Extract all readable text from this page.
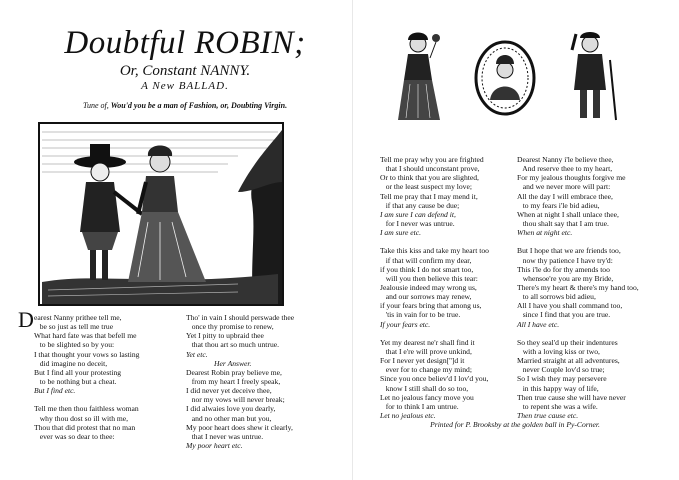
Doubtful ROBIN;
Or, Constant NANNY.
A New BALLAD.
Tune of, Wou'd you be a man of Fashion, or, Doubting Virgin.
D earest Nanny prithee tell me,
be so just as tell me true
What hard fate was that befell me
to be slighted so by you:
I that thought your vows so lasting
did imagine no deceit,
But I find all your protesting
to be nothing but a cheat.
But I find etc.
Tell me then thou faithless woman
why thou dost so ill with me,
Thou that did protest that no man
ever was so dear to thee:
Tho' in vain I should perswade thee
once thy promise to renew,
Yet I pitty to upbraid thee
that thou art so much untrue.
Yet etc.
Her Answer.
Dearest Robin pray believe me,
from my heart I freely speak,
I did never yet deceive thee,
nor my vows will never break;
I did alwaies love you dearly,
and no other man but you,
My poor heart does shew it clearly,
that I never was untrue.
My poor heart etc.
Tell me pray why you are frighted
that I should unconstant prove,
Or to think that you are slighted,
or the least suspect my love;
Tell me pray that I may mend it,
if that any cause be due;
I am sure I can defend it,
for I never was untrue.
I am sure etc.
Take this kiss and take my heart too
if that will confirm my dear,
if you think I do not smart too,
will you then believe this tear:
Jealousie indeed may wrong us,
and our sorrows may renew,
if your fears bring that among us,
'tis in vain for to be true.
If your fears etc.
Yet my dearest ne'r shall find it
that I e're will prove unkind,
For I never yet design['']d it
ever for to change my mind;
Since you once believ'd I lov'd you,
know I still shall do so too,
Let no jealous fancy move you
for to think I am untrue.
Let no jealous etc.
Dearest Nanny i'le believe thee,
And reserve thee to my heart,
For my jealous thoughts forgive me
and we never more will part:
All the day I will embrace thee,
to my fears i'le bid adieu,
When at night I shall unlace thee,
thou shalt say that I am true.
When at night etc.
But I hope that we are friends too,
now thy patience I have try'd:
This i'le do for thy amends too
whensoe're you are my Bride,
There's my heart & there's my hand too,
to all sorrows bid adieu,
All I have you shall command too,
since I find that you are true.
All I have etc.
So they seal'd up their indentures
with a loving kiss or two,
Married straight at all adventures,
never Couple lov'd so true;
So I wish they may persevere
in this happy way of life,
Then true cause she will have never
to repent she was a wife.
Then true cause etc.
Printed for P. Brooksby at the golden ball in Py-Corner.
